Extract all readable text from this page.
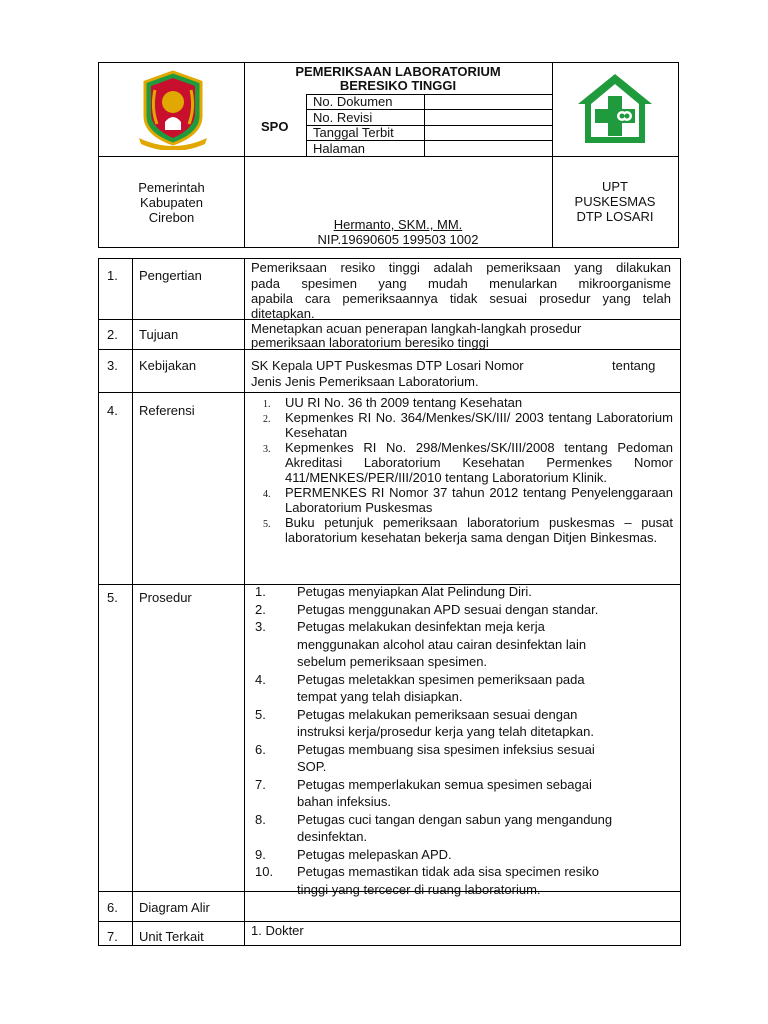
PEMERIKSAAN LABORATORIUM
BERESIKO TINGGI
SPO
No. Dokumen
No. Revisi
Tanggal Terbit
Halaman
Pemerintah
Kabupaten
Cirebon	Hermanto, SKM., MM.
NIP.19690605 199503 1002
UPT
PUSKESMAS
DTP LOSARI
1. Pengertian
Pemeriksaan resiko tinggi adalah pemeriksaan yang dilakukan
pada spesimen yang mudah menularkan mikroorganisme
apabila cara pemeriksaannya tidak sesuai prosedur yang telah
ditetapkan.
2. Tujuan	Menetapkan acuan penerapan langkah-langkah prosedur
pemeriksaan laboratorium beresiko tinggi
3. Kebijakan	SK Kepala UPT Puskesmas DTP Losari Nomor	tentang
Jenis Jenis Pemeriksaan Laboratorium.
4. Referensi	1. UU RI No. 36 th 2009 tentang Kesehatan
2. Kepmenkes RI No. 364/Menkes/SK/III/ 2003 tentang Laboratorium Kesehatan
3. Kepmenkes RI No. 298/Menkes/SK/III/2008 tentang Pedoman Akreditasi Laboratorium Kesehatan Permenkes Nomor 411/MENKES/PER/III/2010 tentang Laboratorium Klinik.
4. PERMENKES RI Nomor 37 tahun 2012 tentang Penyelenggaraan Laboratorium Puskesmas
5. Buku petunjuk pemeriksaan laboratorium puskesmas – pusat laboratorium kesehatan bekerja sama dengan Ditjen Binkesmas.
5. Prosedur	1. Petugas menyiapkan Alat Pelindung Diri.
2. Petugas menggunakan APD sesuai dengan standar.
3. Petugas melakukan desinfektan meja kerja
menggunakan alcohol atau cairan desinfektan lain
sebelum pemeriksaan spesimen.
4. Petugas meletakkan spesimen pemeriksaan pada
tempat yang telah disiapkan.
5. Petugas melakukan pemeriksaan sesuai dengan
instruksi kerja/prosedur kerja yang telah ditetapkan.
6. Petugas membuang sisa spesimen infeksius sesuai
SOP.
7. Petugas memperlakukan semua spesimen sebagai
bahan infeksius.
8. Petugas cuci tangan dengan sabun yang mengandung
desinfektan.
9. Petugas melepaskan APD.
10. Petugas memastikan tidak ada sisa specimen resiko
tinggi yang tercecer di ruang laboratorium.
6. Diagram Alir
7. Unit Terkait	1. Dokter
